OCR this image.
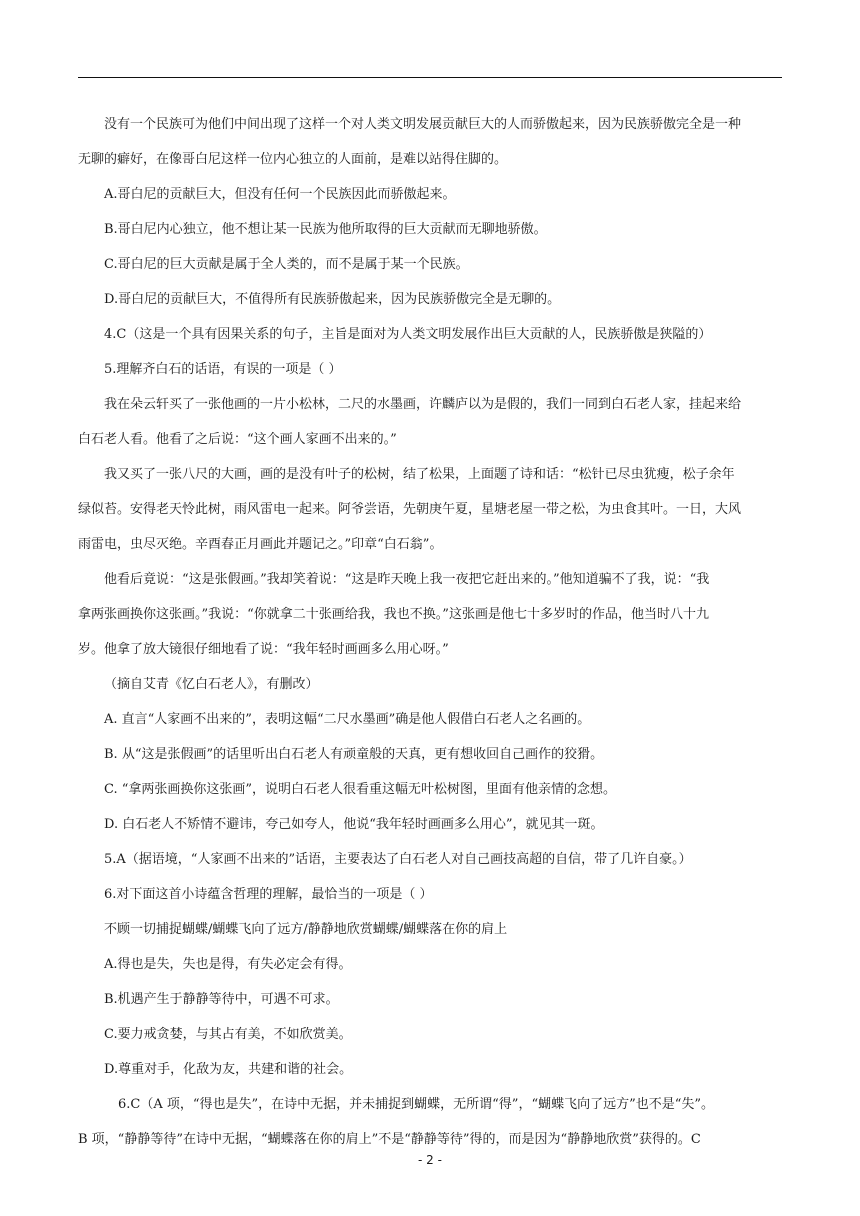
没有一个民族可为他们中间出现了这样一个对人类文明发展贡献巨大的人而骄傲起来，因为民族骄傲完全是一种

无聊的癖好，在像哥白尼这样一位内心独立的人面前，是难以站得住脚的。

A.哥白尼的贡献巨大，但没有任何一个民族因此而骄傲起来。

B.哥白尼内心独立，他不想让某一民族为他所取得的巨大贡献而无聊地骄傲。

C.哥白尼的巨大贡献是属于全人类的，而不是属于某一个民族。

D.哥白尼的贡献巨大，不值得所有民族骄傲起来，因为民族骄傲完全是无聊的。

4.C（这是一个具有因果关系的句子，主旨是面对为人类文明发展作出巨大贡献的人，民族骄傲是狭隘的）

5.理解齐白石的话语，有误的一项是（ ）

我在朵云轩买了一张他画的一片小松林，二尺的水墨画，许麟庐以为是假的，我们一同到白石老人家，挂起来给

白石老人看。他看了之后说：“这个画人家画不出来的。”

我又买了一张八尺的大画，画的是没有叶子的松树，结了松果，上面题了诗和话：“松针已尽虫犹瘦，松子余年

绿似苔。安得老天怜此树，雨风雷电一起来。阿爷尝语，先朝庚午夏，星塘老屋一带之松，为虫食其叶。一日，大风

雨雷电，虫尽灭绝。辛酉春正月画此并题记之。”印章“白石翁”。

他看后竟说：“这是张假画。”我却笑着说：“这是昨天晚上我一夜把它赶出来的。”他知道骗不了我，说：“我

拿两张画换你这张画。”我说：“你就拿二十张画给我，我也不换。”这张画是他七十多岁时的作品，他当时八十九

岁。他拿了放大镜很仔细地看了说：“我年轻时画画多么用心呀。”

（摘自艾青《忆白石老人》，有删改）

A. 直言“人家画不出来的”，表明这幅“二尺水墨画”确是他人假借白石老人之名画的。

B. 从“这是张假画”的话里听出白石老人有顽童般的天真，更有想收回自己画作的狡猾。

C. “拿两张画换你这张画”，说明白石老人很看重这幅无叶松树图，里面有他亲情的念想。

D. 白石老人不矫情不避讳，夸己如夸人，他说“我年轻时画画多么用心”，就见其一斑。

5.A（据语境，“人家画不出来的”话语，主要表达了白石老人对自己画技高超的自信，带了几许自豪。）

6.对下面这首小诗蕴含哲理的理解，最恰当的一项是（ ）

不顾一切捕捉蝴蝶/蝴蝶飞向了远方/静静地欣赏蝴蝶/蝴蝶落在你的肩上

A.得也是失，失也是得，有失必定会有得。

B.机遇产生于静静等待中，可遇不可求。

C.要力戒贪婪，与其占有美，不如欣赏美。

D.尊重对手，化敌为友，共建和谐的社会。

6.C（A 项，“得也是失”，在诗中无据，并未捕捉到蝴蝶，无所谓“得”，“蝴蝶飞向了远方”也不是“失”。

B 项，“静静等待”在诗中无据，“蝴蝶落在你的肩上”不是“静静等待”得的，而是因为“静静地欣赏”获得的。C

- 2 -
